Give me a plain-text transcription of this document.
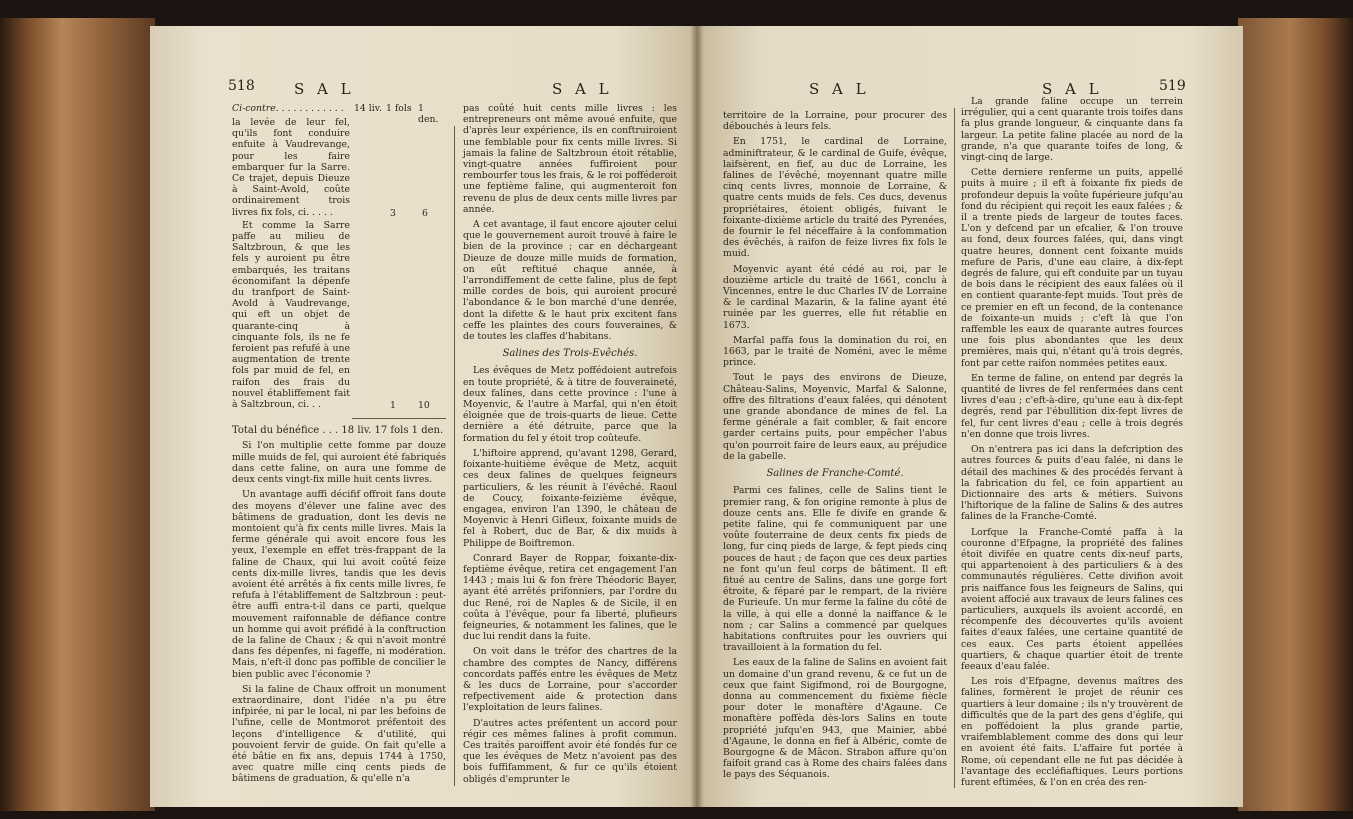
518	S A L	S A L
Ci-contre. . . . . . . . . . . . 14 liv. 1 fols 1 den.

la levée de leur fel, qu'ils font conduire enfuite à Vaudrevange, pour les faire embarquer fur la Sarre. Ce trajet, depuis Dieuze à Saint-Avold, coûte ordinairement trois livres fix fols, ci. . . . .	3	6

Et comme la Sarre paffe au milieu de Saltzbroun, & que les fels y auroient pu être embarqués, les traitans économifant la dépenfe du tranfport de Saint-Avold à Vaudrevange, qui eft un objet de quarante-cinq à cinquante fols, ils ne fe feroient pas refufé à une augmentation de trente fols par muid de fel, en raifon des frais du nouvel établiffement fait à Saltzbroun, ci. . .	1 10

Total du bénéfice . . . 18 liv. 17 fols 1 den.

Si l'on multiplie cette fomme par douze mille muids de fel, qui auroient été fabriqués dans cette faline, on aura une fomme de deux cents vingt-fix mille huit cents livres.

Un avantage auffi décifif offroit fans doute des moyens d'élever une faline avec des bâtimens de graduation, dont les devis ne montoient qu'à fix cents mille livres. Mais la ferme générale qui avoit encore fous les yeux, l'exemple en effet très-frappant de la faline de Chaux, qui lui avoit coûté feize cents dix-mille livres, tandis que les devis avoient été arrêtés à fix cents mille livres, fe refufa à l'établiffement de Saltzbroun : peut-être auffi entra-t-il dans ce parti, quelque mouvement raifonnable de défiance contre un homme qui avoit préfidé à la conftruction de la faline de Chaux ; & qui n'avoit montré dans fes dépenfes, ni fageffe, ni modération. Mais, n'eft-il donc pas poffible de concilier le bien public avec l'économie ?

Si la faline de Chaux offroit un monument extraordinaire, dont l'idée n'a pu être infpirée, ni par le local, ni par les befoins de l'ufine, celle de Montmorot préfentoit des leçons d'intelligence & d'utilité, qui pouvoient fervir de guide. On fait qu'elle a été bâtie en fix ans, depuis 1744 à 1750, avec quatre mille cinq cents pieds de bâtimens de graduation, & qu'elle n'a

pas coûté huit cents mille livres : les entrepreneurs ont même avoué enfuite, que d'après leur expérience, ils en conftruiroient une femblable pour fix cents mille livres. Si jamais la faline de Saltzbroun étoit rétablie, vingt-quatre années fuffiroient pour rembourfer tous les frais, & le roi pofféderoit une feptième faline, qui augmenteroit fon revenu de plus de deux cents mille livres par année.

A cet avantage, il faut encore ajouter celui que le gouvernement auroit trouvé à faire le bien de la province ; car en déchargeant Dieuze de douze mille muids de formation, on eût reftitué chaque année, à l'arrondiffement de cette faline, plus de fept mille cordes de bois, qui auroient procuré l'abondance & le bon marché d'une denrée, dont la difette & le haut prix excitent fans ceffe les plaintes des cours fouveraines, & de toutes les claffes d'habitans.

Salines des Trois-Evêchés.

Les évêques de Metz poffédoient autrefois en toute propriété, & à titre de fouveraineté, deux falines, dans cette province : l'une à Moyenvic, & l'autre à Marfal, qui n'en étoit éloignée que de trois-quarts de lieue. Cette dernière a été détruite, parce que la formation du fel y étoit trop coûteufe.

L'hiftoire apprend, qu'avant 1298, Gerard, foixante-huitième évêque de Metz, acquit ces deux falines de quelques feigneurs particuliers, & les réunit à l'évêché. Raoul de Coucy, foixante-feizième évêque, engagea, environ l'an 1390, le château de Moyenvic à Henri Gifleux, foixante muids de fel à Robert, duc de Bar, & dix muids à Philippe de Boiftremon.

Conrard Bayer de Roppar, foixante-dix-feptième évêque, retira cet engagement l'an 1443 ; mais lui & fon frère Théodoric Bayer, ayant été arrêtés prifonniers, par l'ordre du duc René, roi de Naples & de Sicile, il en coûta à l'évêque, pour fa liberté, plufieurs feigneuries, & notamment les falines, que le duc lui rendit dans la fuite.

On voit dans le tréfor des chartres de la chambre des comptes de Nancy, différens concordats paffés entre les évêques de Metz & les ducs de Lorraine, pour s'accorder refpectivement aide & protection dans l'exploitation de leurs falines.

D'autres actes préfentent un accord pour régir ces mêmes falines à profit commun. Ces traités paroiffent avoir été fondés fur ce que les évêques de Metz n'avoient pas des bois fuffifamment, & fur ce qu'ils étoient obligés d'emprunter le

S A L	S A L	519

territoire de la Lorraine, pour procurer des débouchés à leurs fels.

En 1751, le cardinal de Lorraine, adminiftrateur, & le cardinal de Guife, évêque, laifsèrent, en fief, au duc de Lorraine, les falines de l'évêché, moyennant quatre mille cinq cents livres, monnoie de Lorraine, & quatre cents muids de fels. Ces ducs, devenus propriétaires, étoient obligés, fuivant le foixante-dixième article du traité des Pyrenées, de fournir le fel néceffaire à la confommation des évêchés, à raifon de feize livres fix fols le muid.

Moyenvic ayant été cédé au roi, par le douzième article du traité de 1661, conclu à Vincennes, entre le duc Charles IV de Lorraine & le cardinal Mazarin, & la faline ayant été ruinée par les guerres, elle fut rétablie en 1673.

Marfal paffa fous la domination du roi, en 1663, par le traité de Noméni, avec le même prince.

Tout le pays des environs de Dieuze, Château-Salins, Moyenvic, Marfal & Salonne, offre des filtrations d'eaux falées, qui dénotent une grande abondance de mines de fel. La ferme générale a fait combler, & fait encore garder certains puits, pour empêcher l'abus qu'on pourroit faire de leurs eaux, au préjudice de la gabelle.

Salines de Franche-Comté.

Parmi ces falines, celle de Salins tient le premier rang, & fon origine remonte à plus de douze cents ans. Elle fe divife en grande & petite faline, qui fe communiquent par une voûte fouterraine de deux cents fix pieds de long, fur cinq pieds de large, & fept pieds cinq pouces de haut ; de façon que ces deux parties ne font qu'un feul corps de bâtiment. Il eft fitué au centre de Salins, dans une gorge fort étroite, & féparé par le rempart, de la rivière de Furieufe. Un mur ferme la faline du côté de la ville, à qui elle a donné la naiffance & le nom ; car Salins a commencé par quelques habitations conftruites pour les ouvriers qui travailloient à la formation du fel.

Les eaux de la faline de Salins en avoient fait un domaine d'un grand revenu, & ce fut un de ceux que faint Sigifmond, roi de Bourgogne, donna au commencement du fixième fiècle pour doter le monaftère d'Agaune. Ce monaftère poffèda dès-lors Salins en toute propriété jufqu'en 943, que Mainier, abbé d'Agaune, le donna en fief à Albéric, comte de Bourgogne & de Mâcon. Strabon affure qu'on faifoit grand cas à Rome des chairs falées dans le pays des Séquanois.

La grande faline occupe un terrein irrégulier, qui a cent quarante trois toifes dans fa plus grande longueur, & cinquante dans fa largeur. La petite faline placée au nord de la grande, n'a que quarante toifes de long, & vingt-cinq de large.

Cette derniere renferme un puits, appellé puits à muire ; il eft à foixante fix pieds de profondeur depuis la voûte fupérieure jufqu'au fond du récipient qui reçoit les eaux falées ; & il a trente pieds de largeur de toutes faces. L'on y defcend par un efcalier, & l'on trouve au fond, deux fources falées, qui, dans vingt quatre heures, donnent cent foixante muids mefure de Paris, d'une eau claire, à dix-fept degrés de falure, qui eft conduite par un tuyau de bois dans le récipient des eaux falées où il en contient quarante-fept muids. Tout près de ce premier en eft un fecond, de la contenance de foixante-un muids ; c'eft là que l'on raffemble les eaux de quarante autres fources une fois plus abondantes que les deux premières, mais qui, n'étant qu'à trois degrés, font par cette raifon nommées petites eaux.

En terme de faline, on entend par degrés la quantité de livres de fel renfermées dans cent livres d'eau ; c'eft-à-dire, qu'une eau à dix-fept degrés, rend par l'ébullition dix-fept livres de fel, fur cent livres d'eau ; celle à trois degrés n'en donne que trois livres.

On n'entrera pas ici dans la defcription des autres fources & puits d'eau falée, ni dans le détail des machines & des procédés fervant à la fabrication du fel, ce foin appartient au Dictionnaire des arts & métiers. Suivons l'hiftorique de la faline de Salins & des autres falines de la Franche-Comté.

Lorfque la Franche-Comté paffa à la couronne d'Efpagne, la propriété des falines étoit divifée en quatre cents dix-neuf parts, qui appartenoient à des particuliers & à des communautés régulières. Cette divifion avoit pris naiffance fous les feigneurs de Salins, qui avoient affocié aux travaux de leurs falines ces particuliers, auxquels ils avoient accordé, en récompenfe des découvertes qu'ils avoient faites d'eaux falées, une certaine quantité de ces eaux. Ces parts étoient appellées quartiers, & chaque quartier étoit de trente feeaux d'eau falée.

Les rois d'Efpagne, devenus maîtres des falines, formèrent le projet de réunir ces quartiers à leur domaine ; ils n'y trouvèrent de difficultés que de la part des gens d'églife, qui en poffédoient la plus grande partie, vraifemblablement comme des dons qui leur en avoient été faits. L'affaire fut portée à Rome, où cependant elle ne fut pas décidée à l'avantage des eccléfiaftiques. Leurs portions furent eftimées, & l'on en créa des ren-
